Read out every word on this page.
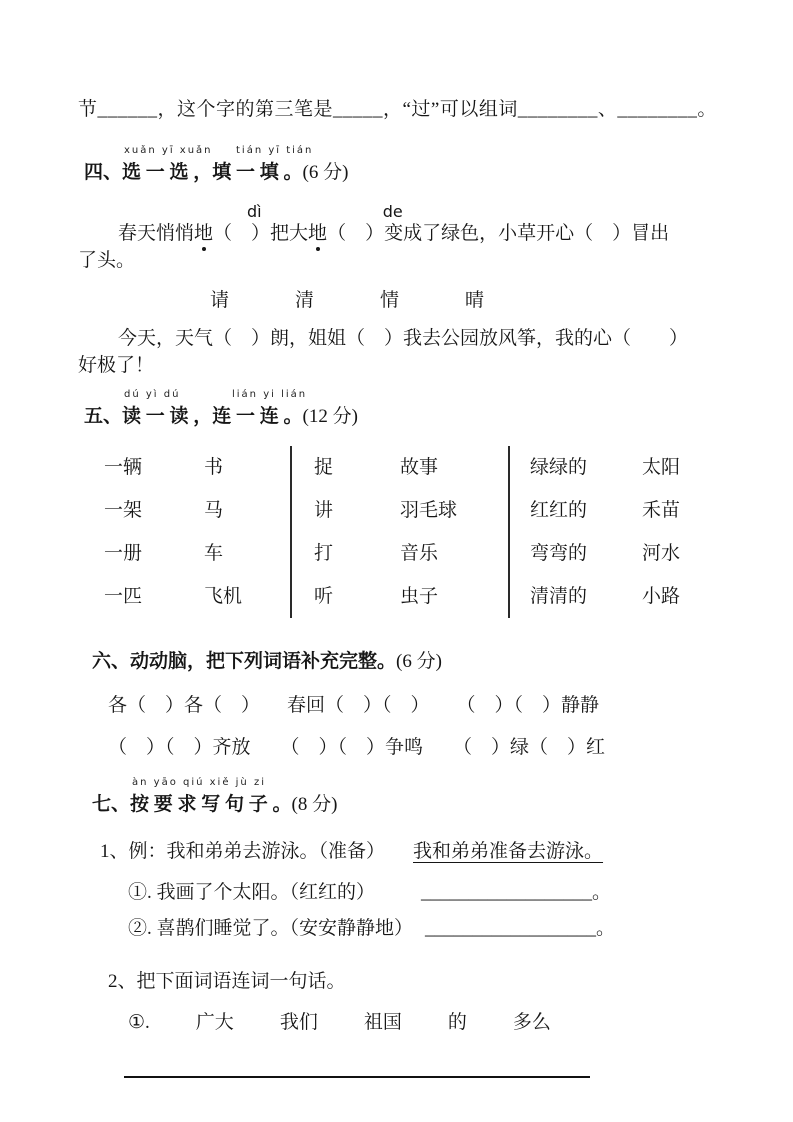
节______，这个字的第三笔是_____，“过”可以组词________、________。

xuǎn yī xuǎn tián yī tián
四、选 一 选 ，填 一 填 。(6 分)
dì	de

春天悄悄地（　）把大地（　）变成了绿色，小草开心（　）冒出

了头。

请	清	情	晴

今天，天气（　）朗，姐姐（　）我去公园放风筝，我的心（　　）

好极了！

dú yì dú	lián yi lián
五、读 一 读 ，连 一 连 。(12 分)
一辆	书
一架	马
一册	车
一匹	飞机
捉	故事
讲	羽毛球
打	音乐
听	虫子
绿绿的	太阳
红红的	禾苗
弯弯的	河水
清清的	小路
六、动动脑，把下列词语补充完整。(6 分)
各（　）各（　） 春回（　）（　） （　）（　）静静
（　）（　）齐放 （　）（　）争鸣 （　）绿（　）红
àn yāo qiú xiě jù zi
七、按 要 求 写 句 子 。(8 分)

1、例：我和弟弟去游泳。（准备） 我和弟弟准备去游泳。

①. 我画了个太阳。（红红的） __________________。

②. 喜鹊们睡觉了。（安安静静地） __________________。

2、把下面词语连词一句话。

①. 广大 我们 祖国 的 多么
